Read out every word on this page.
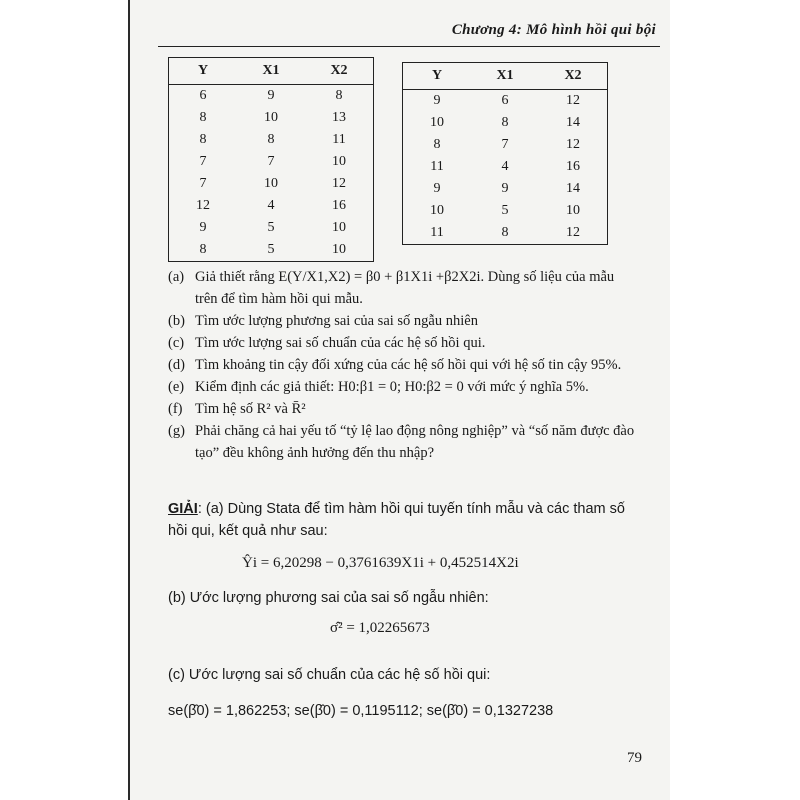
Chương 4: Mô hình hồi qui bội
Y	X1	X2
6	9	8
8	10	13
8	8	11
7	7	10
7	10	12
12	4	16
9	5	10
8	5	10
Y	X1	X2
9	6	12
10	8	14
8	7	12
11	4	16
9	9	14
10	5	10
11	8	12
(a) Giả thiết rằng E(Y/X1,X2) = β0 + β1X1i +β2X2i. Dùng số liệu của mẫu trên để tìm hàm hồi qui mẫu.
(b) Tìm ước lượng phương sai của sai số ngẫu nhiên
(c) Tìm ước lượng sai số chuẩn của các hệ số hồi qui.
(d) Tìm khoảng tin cậy đối xứng của các hệ số hồi qui với hệ số tin cậy 95%.
(e) Kiểm định các giả thiết: H0:β1 = 0; H0:β2 = 0 với mức ý nghĩa 5%.
(f) Tìm hệ số R² và R̄²
(g) Phải chăng cả hai yếu tố “tỷ lệ lao động nông nghiệp” và “số năm được đào tạo” đều không ảnh hưởng đến thu nhập?
GIẢI: (a) Dùng Stata để tìm hàm hồi qui tuyến tính mẫu và các tham số hồi qui, kết quả như sau:
Ŷi = 6,20298 − 0,3761639X1i + 0,452514X2i
(b) Ước lượng phương sai của sai số ngẫu nhiên:
σ̂² = 1,02265673
(c) Ước lượng sai số chuẩn của các hệ số hồi qui:
se(β̂0) = 1,862253; se(β̂0) = 0,1195112; se(β̂0) = 0,1327238
79
